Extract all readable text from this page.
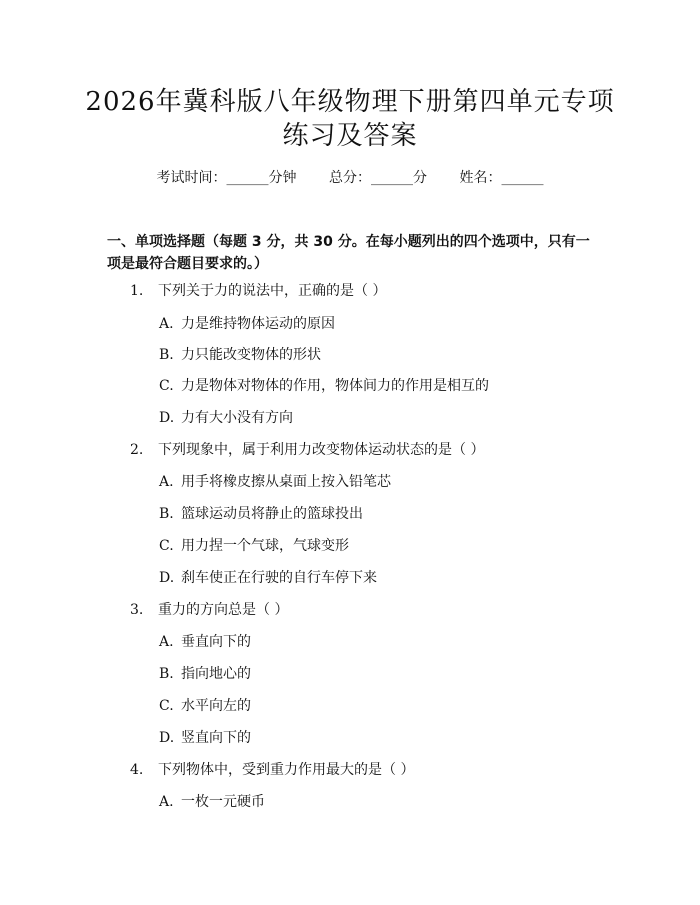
2026年冀科版八年级物理下册第四单元专项
练习及答案
考试时间：______分钟 总分：______分 姓名：______
一、单项选择题（每题 3 分，共 30 分。在每小题列出的四个选项中，只有一项是最符合题目要求的。）
1. 下列关于力的说法中，正确的是（ ）
A. 力是维持物体运动的原因
B. 力只能改变物体的形状
C. 力是物体对物体的作用，物体间力的作用是相互的
D. 力有大小没有方向
2. 下列现象中，属于利用力改变物体运动状态的是（ ）
A. 用手将橡皮擦从桌面上按入铅笔芯
B. 篮球运动员将静止的篮球投出
C. 用力捏一个气球，气球变形
D. 刹车使正在行驶的自行车停下来
3. 重力的方向总是（ ）
A. 垂直向下的
B. 指向地心的
C. 水平向左的
D. 竖直向下的
4. 下列物体中，受到重力作用最大的是（ ）
A. 一枚一元硬币
